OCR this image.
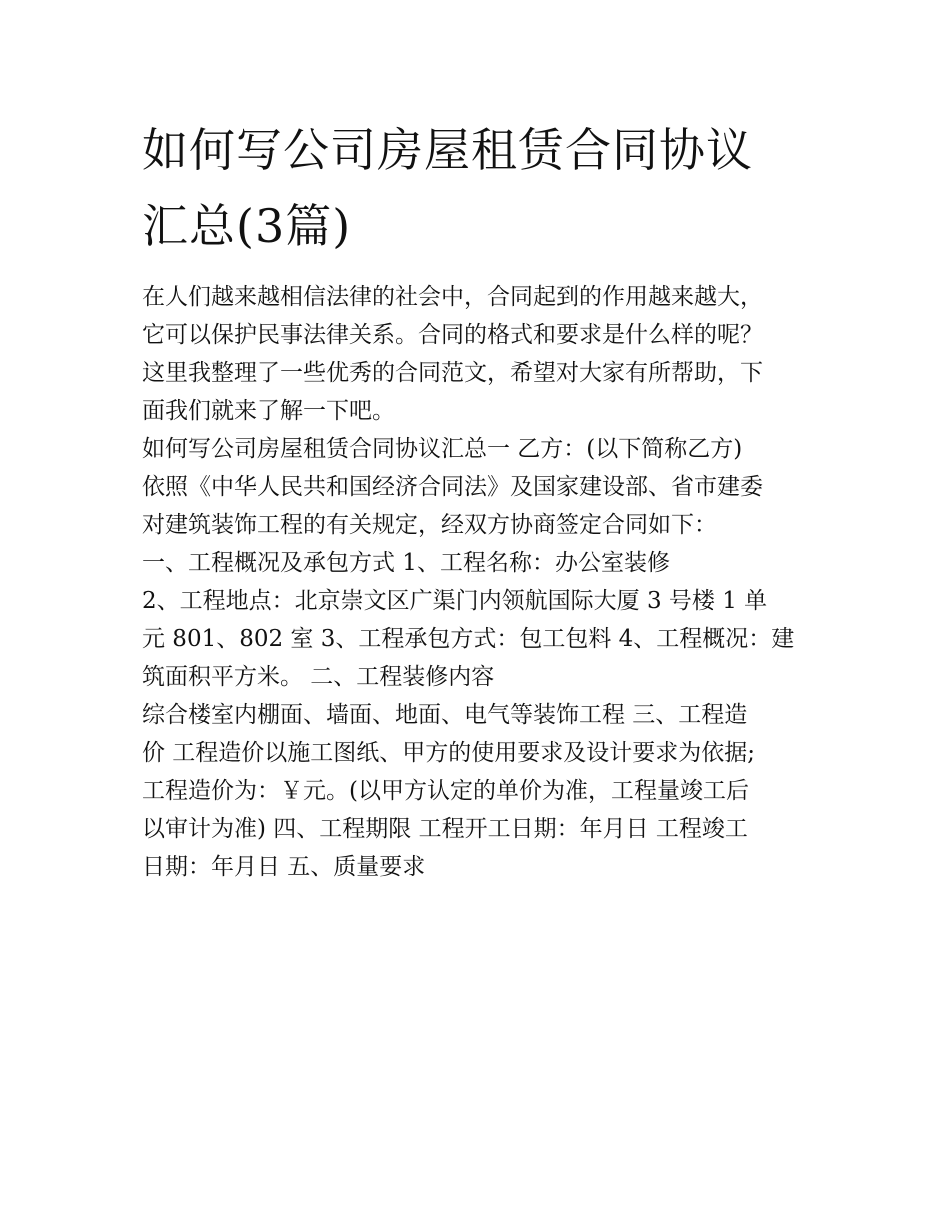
如何写公司房屋租赁合同协议
汇总(3篇)

在人们越来越相信法律的社会中，合同起到的作用越来越大，
它可以保护民事法律关系。合同的格式和要求是什么样的呢？
这里我整理了一些优秀的合同范文，希望对大家有所帮助，下
面我们就来了解一下吧。

如何写公司房屋租赁合同协议汇总一 乙方：(以下简称乙方)
依照《中华人民共和国经济合同法》及国家建设部、省市建委
对建筑装饰工程的有关规定，经双方协商签定合同如下：

一、工程概况及承包方式 1、工程名称：办公室装修

2、工程地点：北京崇文区广渠门内领航国际大厦 3 号楼 1 单
元 801、802 室 3、工程承包方式：包工包料 4、工程概况：建
筑面积平方米。 二、工程装修内容

综合楼室内棚面、墙面、地面、电气等装饰工程 三、工程造
价 工程造价以施工图纸、甲方的使用要求及设计要求为依据;
工程造价为：￥元。(以甲方认定的单价为准，工程量竣工后
以审计为准) 四、工程期限 工程开工日期：年月日 工程竣工
日期：年月日 五、质量要求
